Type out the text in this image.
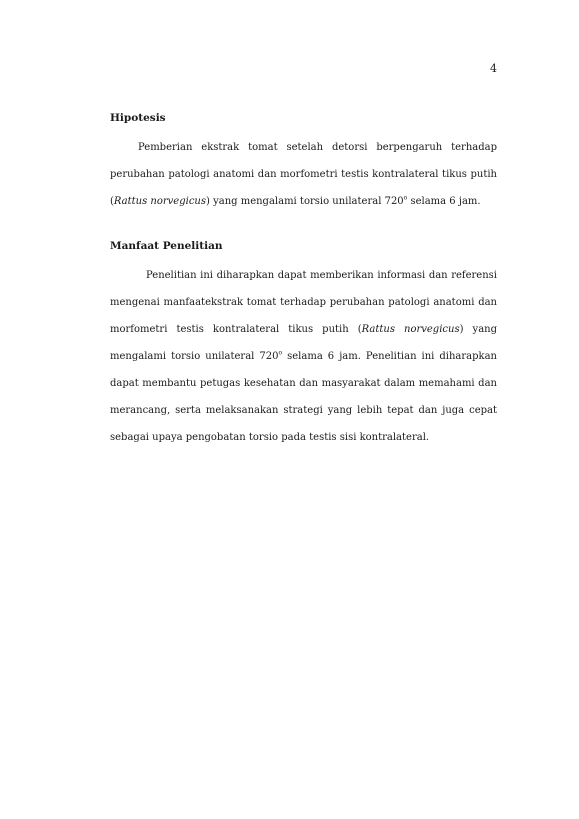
4
Hipotesis

Pemberian ekstrak tomat setelah detorsi berpengaruh terhadap perubahan patologi anatomi dan morfometri testis kontralateral tikus putih (Rattus norvegicus) yang mengalami torsio unilateral 720$^o$ selama 6 jam.

Manfaat Penelitian

Penelitian ini diharapkan dapat memberikan informasi dan referensi mengenai manfaatekstrak tomat terhadap perubahan patologi anatomi dan morfometri testis kontralateral tikus putih (Rattus norvegicus) yang mengalami torsio unilateral 720$^o$ selama 6 jam. Penelitian ini diharapkan dapat membantu petugas kesehatan dan masyarakat dalam memahami dan merancang, serta melaksanakan strategi yang lebih tepat dan juga cepat sebagai upaya pengobatan torsio pada testis sisi kontralateral.
